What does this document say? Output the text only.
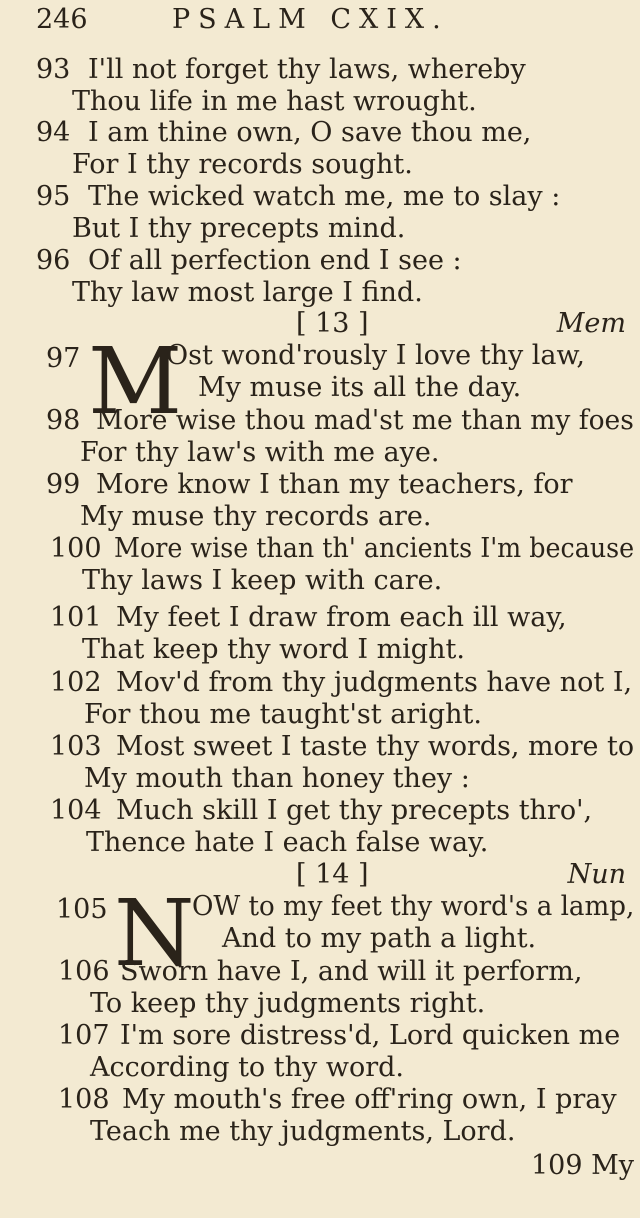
246	PSALM CXIX.
93 I'll not forget thy laws, whereby
Thou life in me hast wrought.
94 I am thine own, O save thou me,
For I thy records sought.
95 The wicked watch me, me to slay :
But I thy precepts mind.
96 Of all perfection end I see :
Thy law most large I find.
[ 13 ]	Mem
97 M
Ost wond'rously I love thy law,
My muse its all the day.
98 More wise thou mad'st me than my foes
For thy law's with me aye.
99 More know I than my teachers, for
My muse thy records are.
100 More wise than th' ancients I'm because
Thy laws I keep with care.
101 My feet I draw from each ill way,
That keep thy word I might.
102 Mov'd from thy judgments have not I,
For thou me taught'st aright.
103 Most sweet I taste thy words, more to
My mouth than honey they :
104 Much skill I get thy precepts thro',
Thence hate I each false way.
[ 14 ]	Nun
105 N
OW to my feet thy word's a lamp,
And to my path a light.
106 Sworn have I, and will it perform,
To keep thy judgments right.
107 I'm sore distress'd, Lord quicken me
According to thy word.
108 My mouth's free off'ring own, I pray
Teach me thy judgments, Lord.
109 My
